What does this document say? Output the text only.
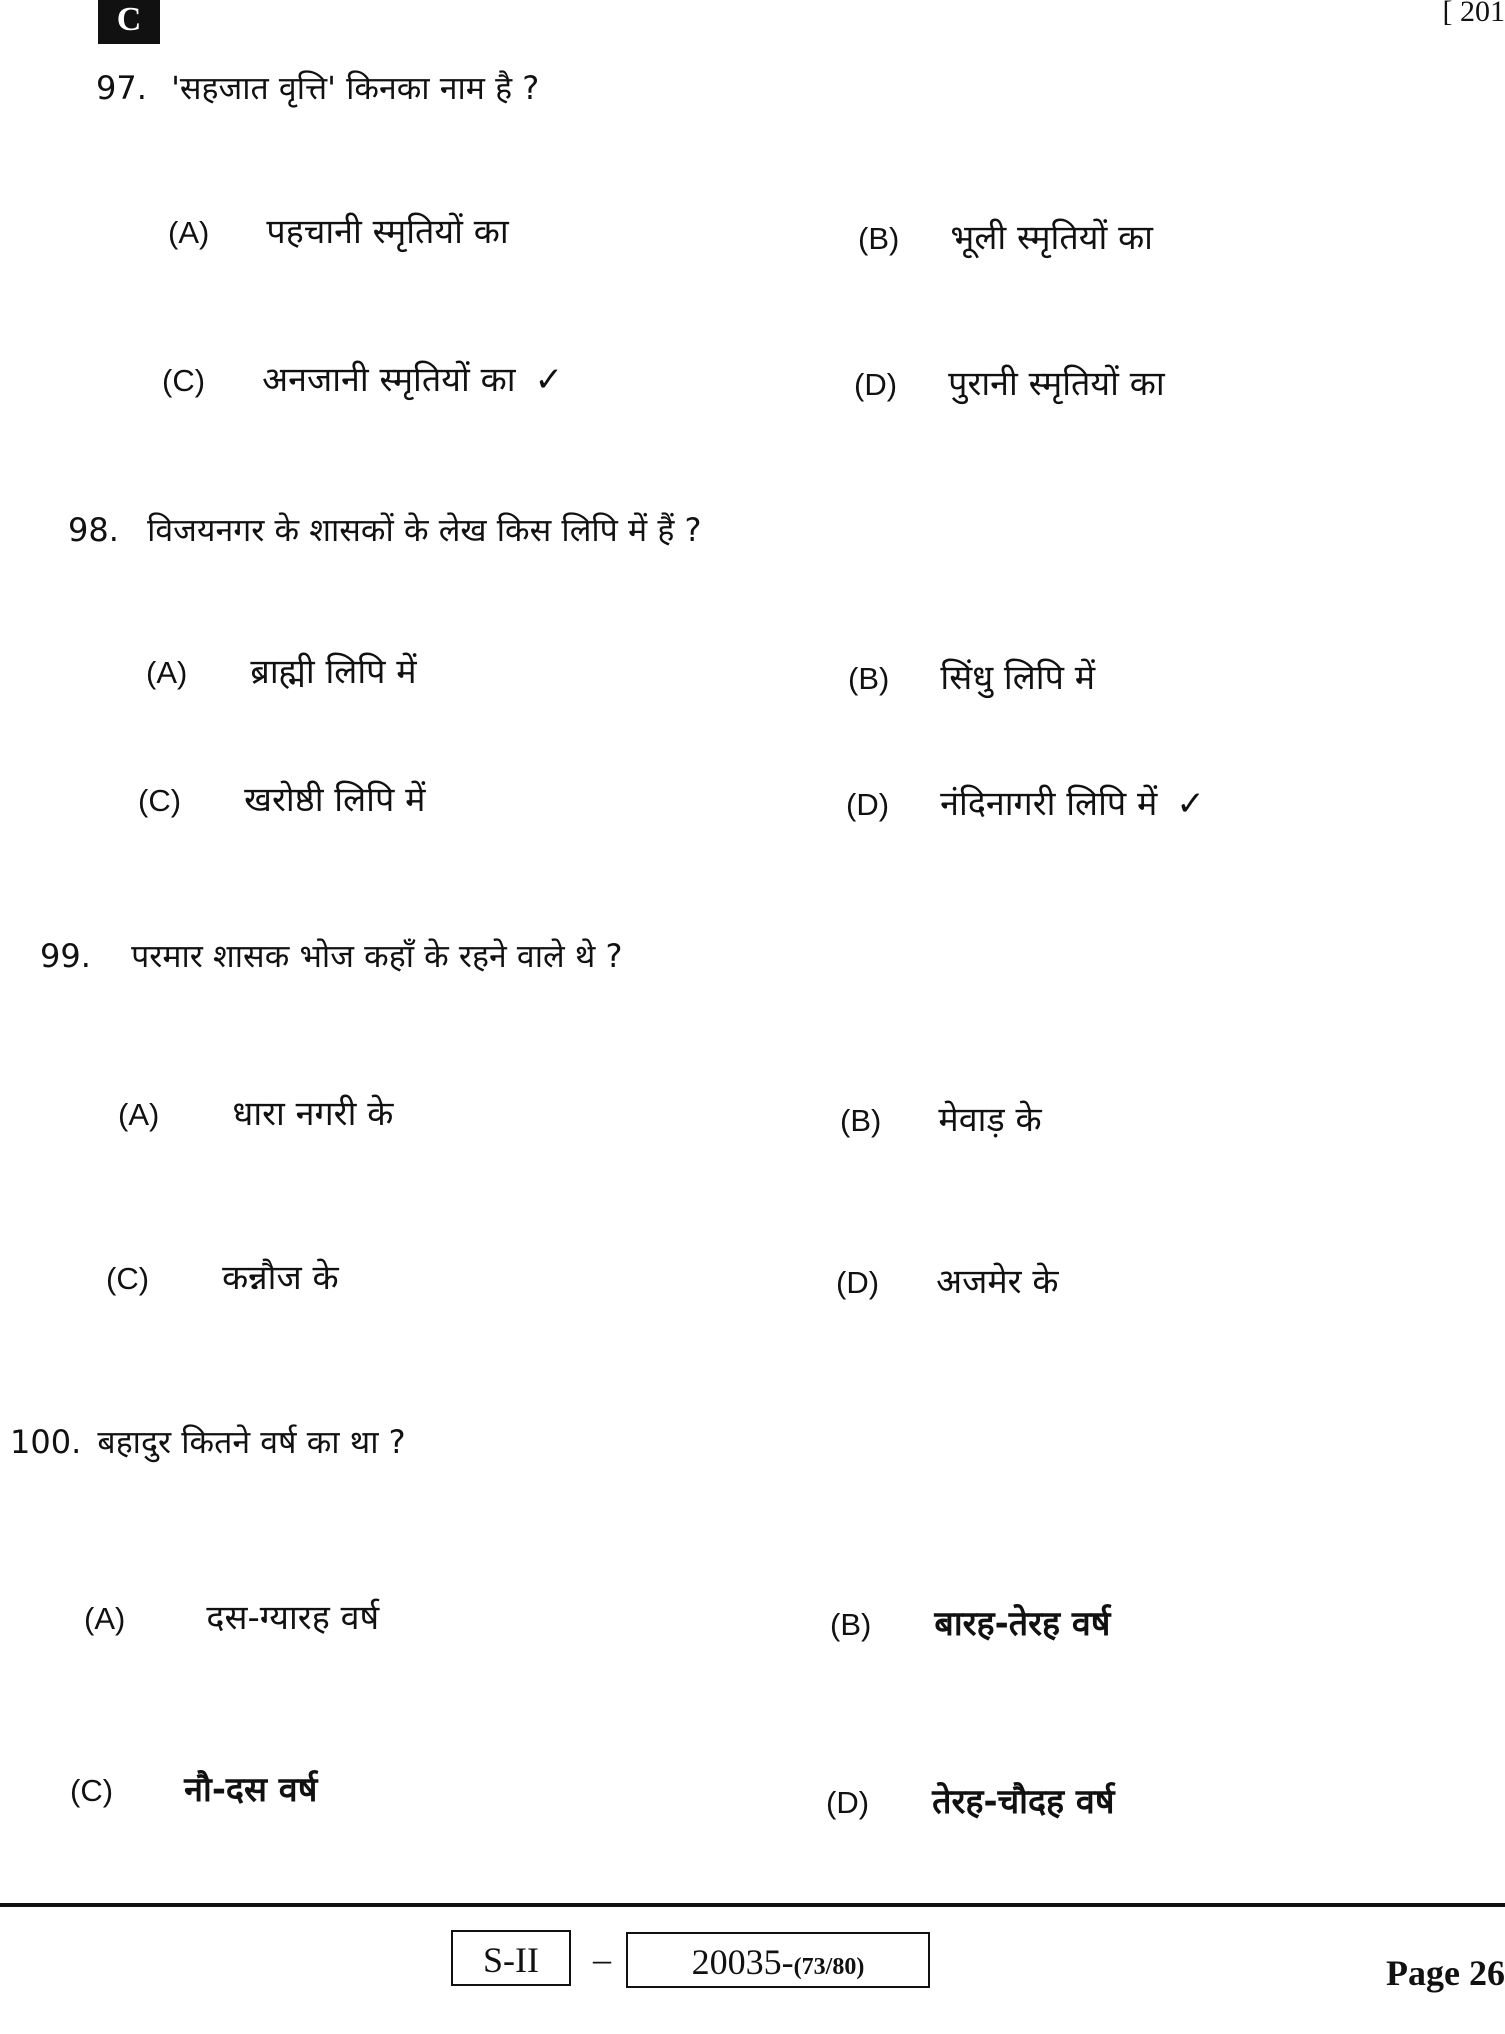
C	[ 201
97. 'सहजात वृत्ति' किनका नाम है ?
(A) पहचानी स्मृतियों का	(B) भूली स्मृतियों का
(C) अनजानी स्मृतियों का ✓	(D) पुरानी स्मृतियों का
98. विजयनगर के शासकों के लेख किस लिपि में हैं ?
(A) ब्राह्मी लिपि में	(B) सिंधु लिपि में
(C) खरोष्ठी लिपि में	(D) नंदिनागरी लिपि में ✓
99. परमार शासक भोज कहाँ के रहने वाले थे ?
(A) धारा नगरी के	(B) मेवाड़ के
(C) कन्नौज के	(D) अजमेर के
100. बहादुर कितने वर्ष का था ?
(A) दस-ग्यारह वर्ष	(B) बारह-तेरह वर्ष
(C) नौ-दस वर्ष	(D) तेरह-चौदह वर्ष
S-II	–	20035-(73/80)	Page 26
